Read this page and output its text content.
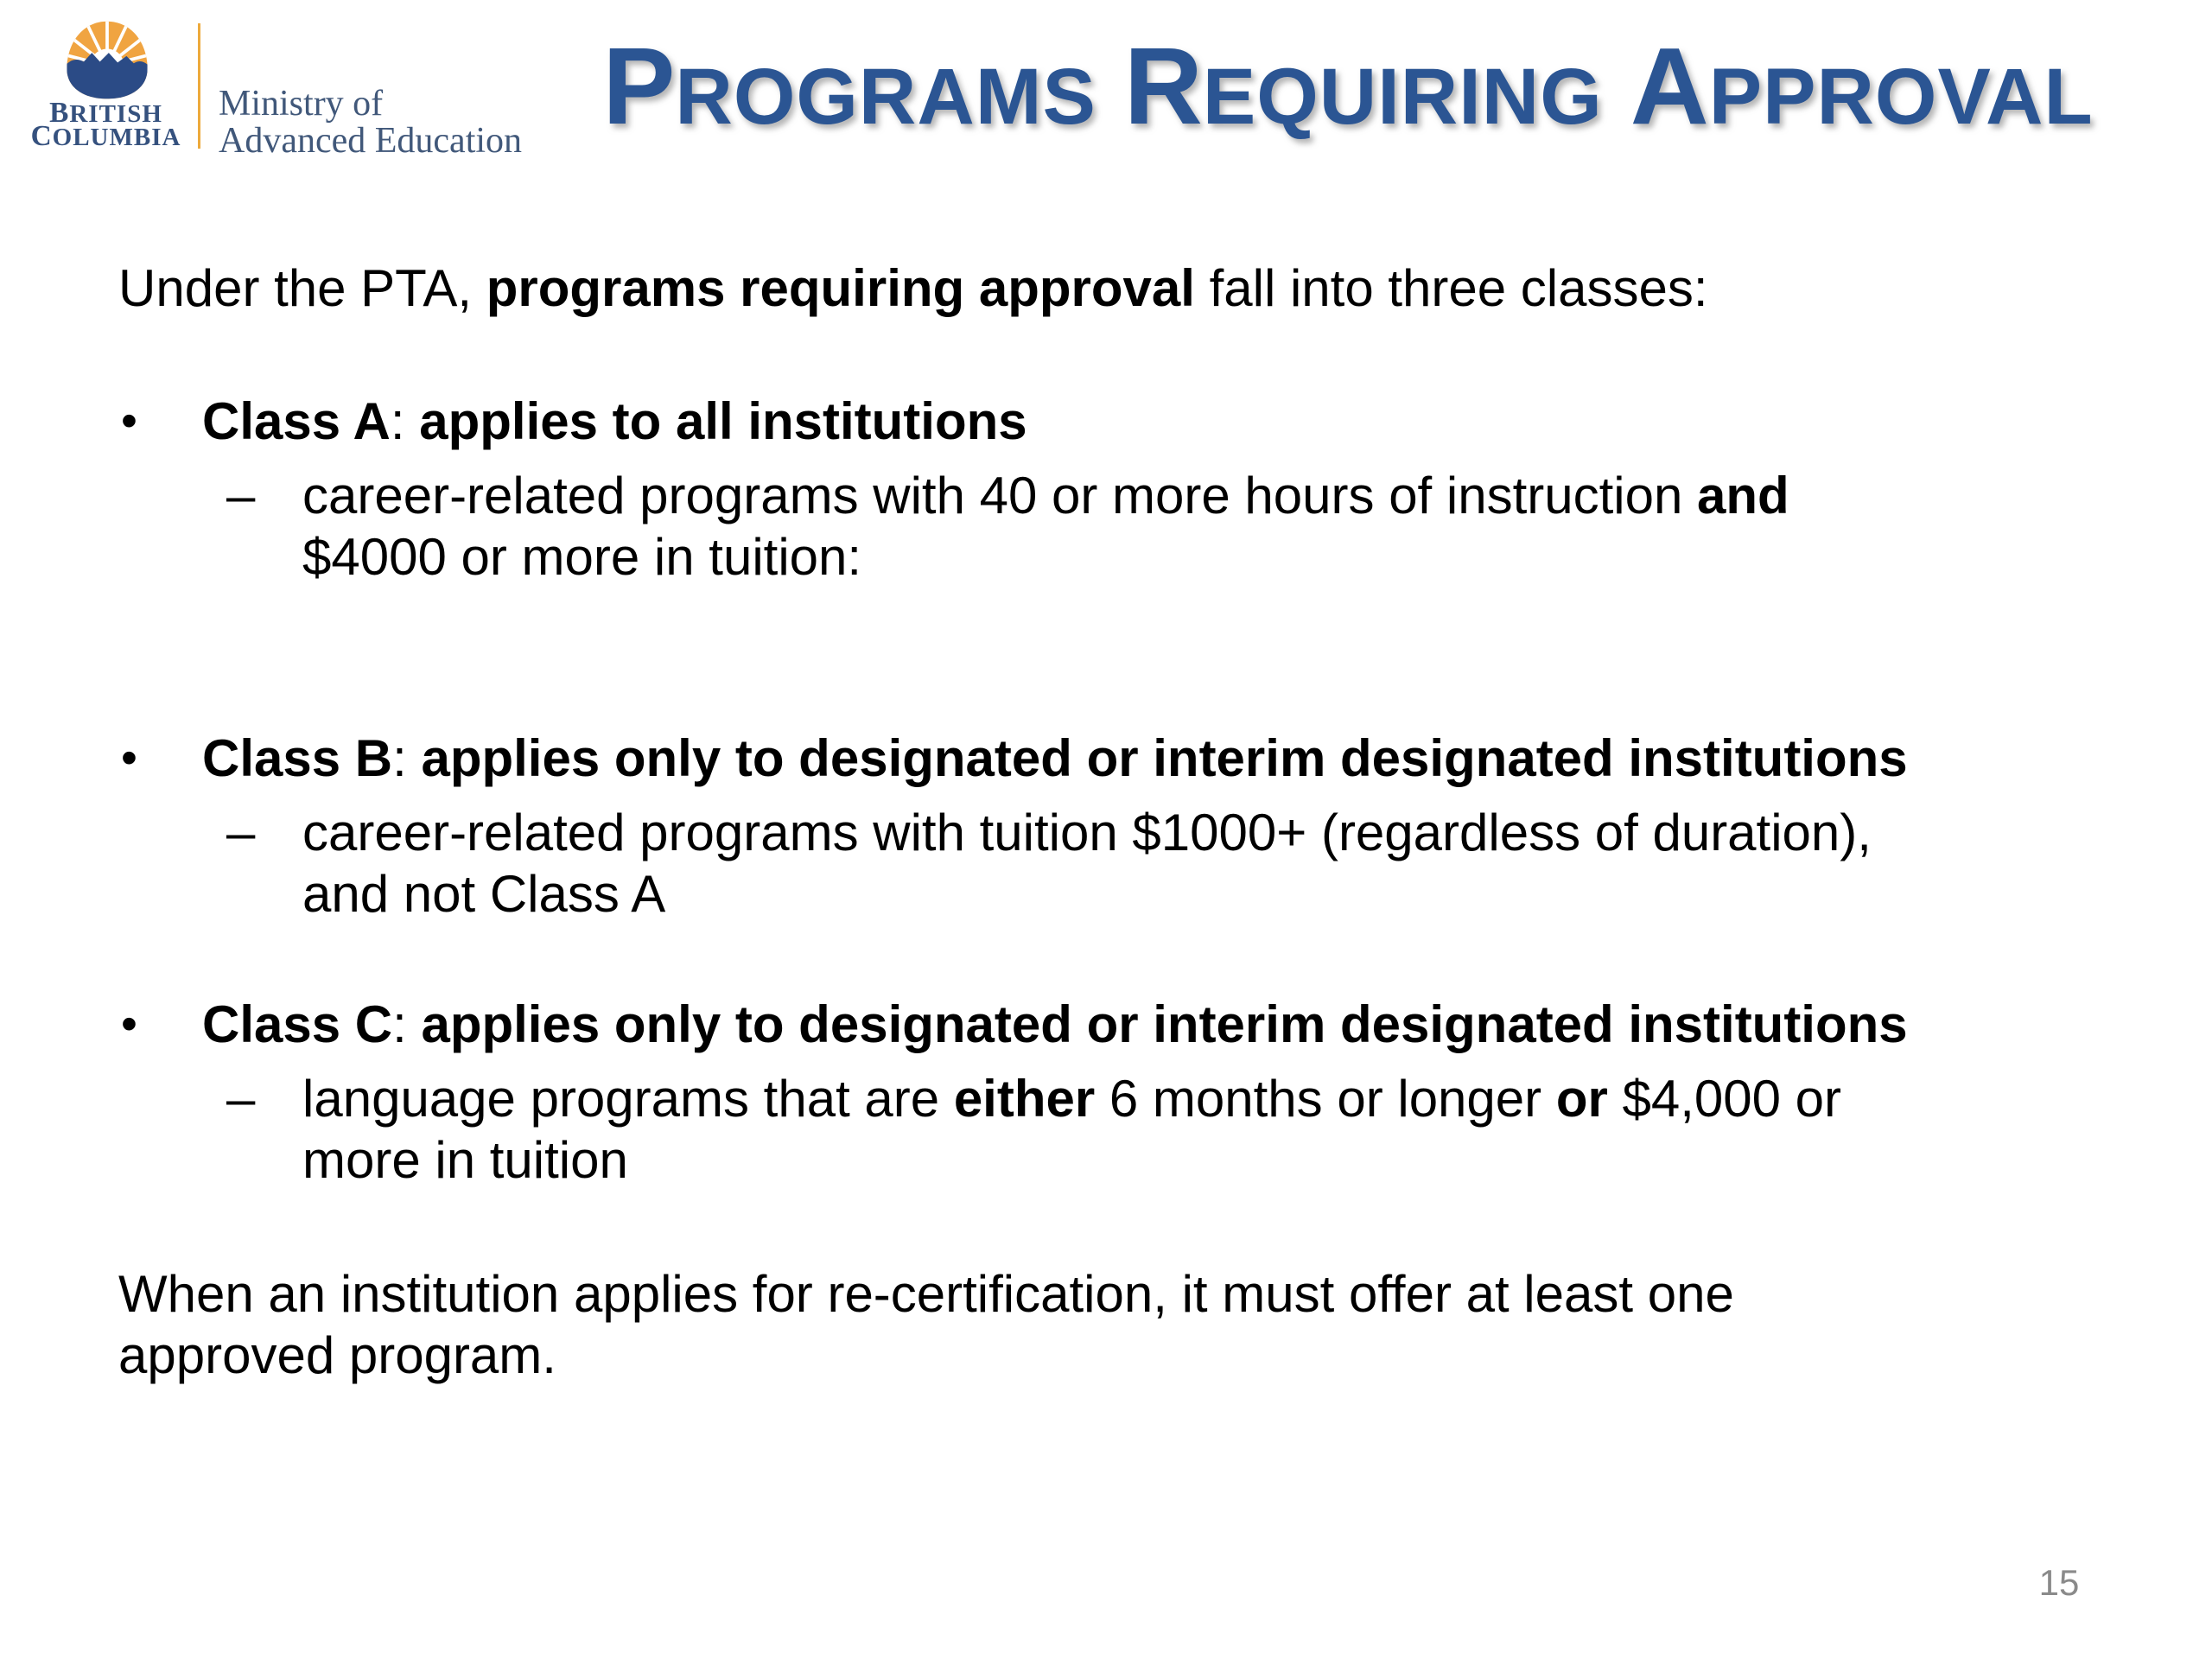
BRITISH
COLUMBIA
Ministry of
Advanced Education PROGRAMS REQUIRING APPROVAL
Under the PTA, programs requiring approval fall into three classes:
•	Class A: applies to all institutions
– career-related programs with 40 or more hours of instruction and
$4000 or more in tuition:
•	Class B: applies only to designated or interim designated institutions
– career-related programs with tuition $1000+ (regardless of duration),
and not Class A
•	Class C: applies only to designated or interim designated institutions
– language programs that are either 6 months or longer or $4,000 or
more in tuition
When an institution applies for re-certification, it must offer at least one
approved program.
15
